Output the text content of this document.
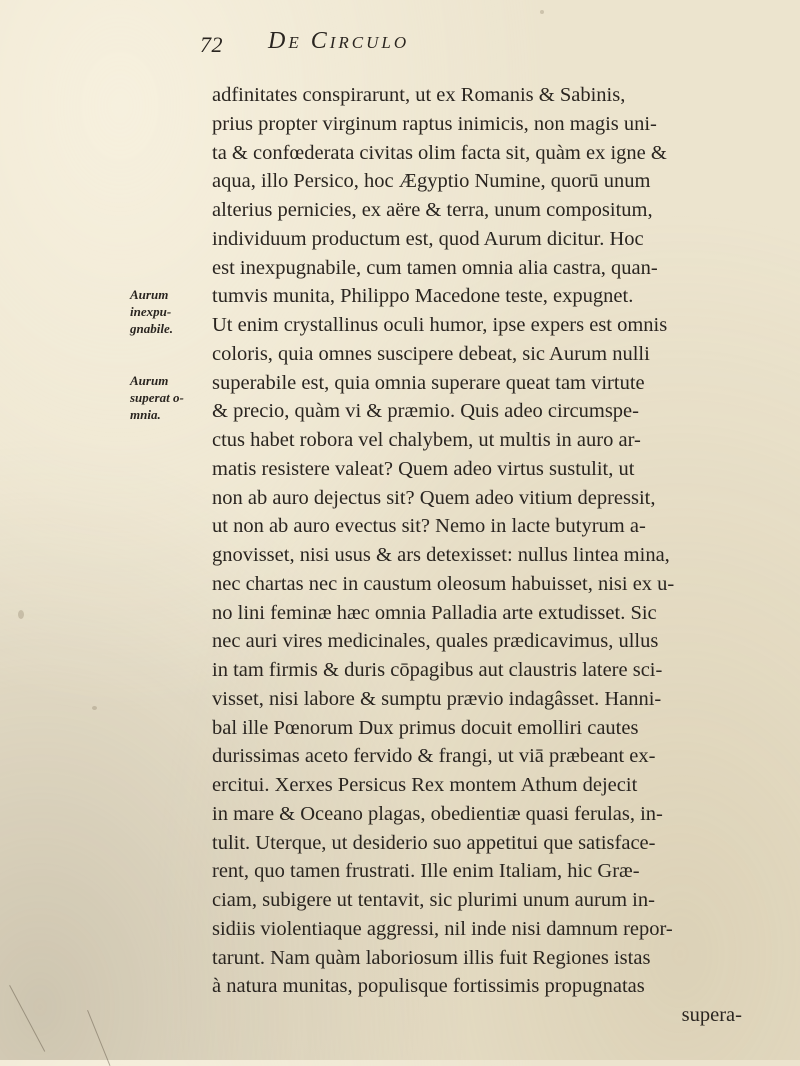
72 De Circulo
Aurum
inexpu-
gnabile.
Aurum
superat o-
mnia.
adfinitates conspirarunt, ut ex Romanis & Sabinis,
prius propter virginum raptus inimicis, non magis uni-
ta & confœderata civitas olim facta sit, quàm ex igne &
aqua, illo Persico, hoc Ægyptio Numine, quorū unum
alterius pernicies, ex aëre & terra, unum compositum,
individuum productum est, quod Aurum dicitur. Hoc
est inexpugnabile, cum tamen omnia alia castra, quan-
tumvis munita, Philippo Macedone teste, expugnet.
Ut enim crystallinus oculi humor, ipse expers est omnis
coloris, quia omnes suscipere debeat, sic Aurum nulli
superabile est, quia omnia superare queat tam virtute
& precio, quàm vi & præmio. Quis adeo circumspe-
ctus habet robora vel chalybem, ut multis in auro ar-
matis resistere valeat? Quem adeo virtus sustulit, ut
non ab auro dejectus sit? Quem adeo vitium depressit,
ut non ab auro evectus sit? Nemo in lacte butyrum a-
gnovisset, nisi usus & ars detexisset: nullus lintea mina,
nec chartas nec in caustum oleosum habuisset, nisi ex u-
no lini feminæ hæc omnia Palladia arte extudisset. Sic
nec auri vires medicinales, quales prædicavimus, ullus
in tam firmis & duris cōpagibus aut claustris latere sci-
visset, nisi labore & sumptu prævio indagâsset. Hanni-
bal ille Pœnorum Dux primus docuit emolliri cautes
durissimas aceto fervido & frangi, ut viā præbeant ex-
ercitui. Xerxes Persicus Rex montem Athum dejecit
in mare & Oceano plagas, obedientiæ quasi ferulas, in-
tulit. Uterque, ut desiderio suo appetitui que satisface-
rent, quo tamen frustrati. Ille enim Italiam, hic Græ-
ciam, subigere ut tentavit, sic plurimi unum aurum in-
sidiis violentiaque aggressi, nil inde nisi damnum repor-
tarunt. Nam quàm laboriosum illis fuit Regiones istas
à natura munitas, populisque fortissimis propugnatas
supera-
